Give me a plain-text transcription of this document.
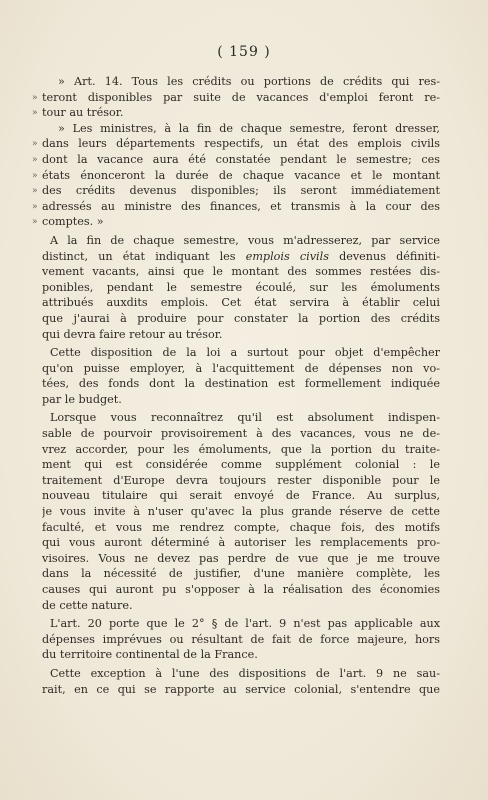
( 159 )
» Art. 14. Tous les crédits ou portions de crédits qui res-
» teront disponibles par suite de vacances d'emploi feront re-
» tour au trésor.
» Les ministres, à la fin de chaque semestre, feront dresser,
» dans leurs départements respectifs, un état des emplois civils
» dont la vacance aura été constatée pendant le semestre; ces
» états énonceront la durée de chaque vacance et le montant
» des crédits devenus disponibles; ils seront immédiatement
» adressés au ministre des finances, et transmis à la cour des
» comptes. »
A la fin de chaque semestre, vous m'adresserez, par service
distinct, un état indiquant les emplois civils devenus définiti-
vement vacants, ainsi que le montant des sommes restées dis-
ponibles, pendant le semestre écoulé, sur les émoluments
attribués auxdits emplois. Cet état servira à établir celui
que j'aurai à produire pour constater la portion des crédits
qui devra faire retour au trésor.
Cette disposition de la loi a surtout pour objet d'empêcher
qu'on puisse employer, à l'acquittement de dépenses non vo-
tées, des fonds dont la destination est formellement indiquée
par le budget.
Lorsque vous reconnaîtrez qu'il est absolument indispen-
sable de pourvoir provisoirement à des vacances, vous ne de-
vrez accorder, pour les émoluments, que la portion du traite-
ment qui est considérée comme supplément colonial : le
traitement d'Europe devra toujours rester disponible pour le
nouveau titulaire qui serait envoyé de France. Au surplus,
je vous invite à n'user qu'avec la plus grande réserve de cette
faculté, et vous me rendrez compte, chaque fois, des motifs
qui vous auront déterminé à autoriser les remplacements pro-
visoires. Vous ne devez pas perdre de vue que je me trouve
dans la nécessité de justifier, d'une manière complète, les
causes qui auront pu s'opposer à la réalisation des économies
de cette nature.
L'art. 20 porte que le 2° § de l'art. 9 n'est pas applicable aux
dépenses imprévues ou résultant de fait de force majeure, hors
du territoire continental de la France.
Cette exception à l'une des dispositions de l'art. 9 ne sau-
rait, en ce qui se rapporte au service colonial, s'entendre que
